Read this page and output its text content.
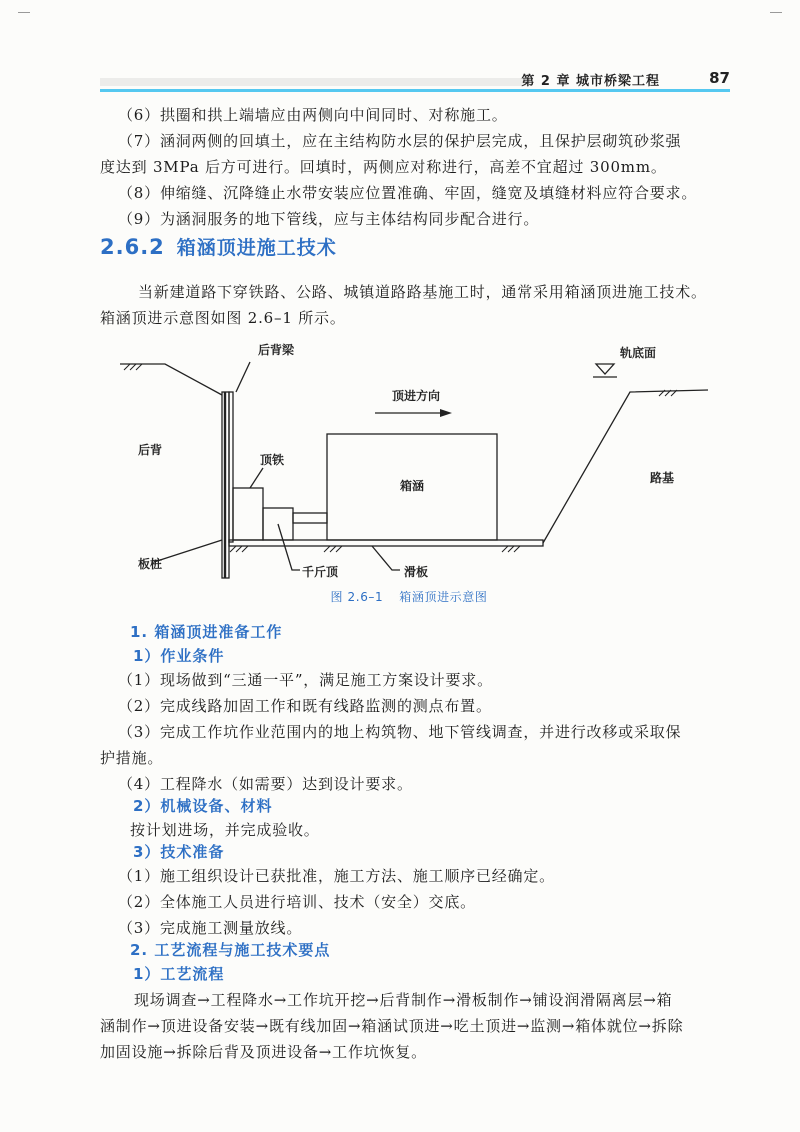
第 2 章 城市桥梁工程	87
（6）拱圈和拱上端墙应由两侧向中间同时、对称施工。
（7）涵洞两侧的回填土，应在主结构防水层的保护层完成，且保护层砌筑砂浆强
度达到 3MPa 后方可进行。回填时，两侧应对称进行，高差不宜超过 300mm。
（8）伸缩缝、沉降缝止水带安装应位置准确、牢固，缝宽及填缝材料应符合要求。
（9）为涵洞服务的地下管线，应与主体结构同步配合进行。
2.6.2 箱涵顶进施工技术
当新建道路下穿铁路、公路、城镇道路路基施工时，通常采用箱涵顶进施工技术。
箱涵顶进示意图如图 2.6–1 所示。
后背梁	轨底面
顶进方向
后背
顶铁
箱涵
路基
板桩
千斤顶	滑板
图 2.6–1 箱涵顶进示意图
1. 箱涵顶进准备工作
1）作业条件
（1）现场做到“三通一平”，满足施工方案设计要求。
（2）完成线路加固工作和既有线路监测的测点布置。
（3）完成工作坑作业范围内的地上构筑物、地下管线调查，并进行改移或采取保
护措施。
（4）工程降水（如需要）达到设计要求。
2）机械设备、材料
按计划进场，并完成验收。
3）技术准备
（1）施工组织设计已获批准，施工方法、施工顺序已经确定。
（2）全体施工人员进行培训、技术（安全）交底。
（3）完成施工测量放线。
2. 工艺流程与施工技术要点
1）工艺流程
现场调查→工程降水→工作坑开挖→后背制作→滑板制作→铺设润滑隔离层→箱
涵制作→顶进设备安装→既有线加固→箱涵试顶进→吃土顶进→监测→箱体就位→拆除
加固设施→拆除后背及顶进设备→工作坑恢复。
